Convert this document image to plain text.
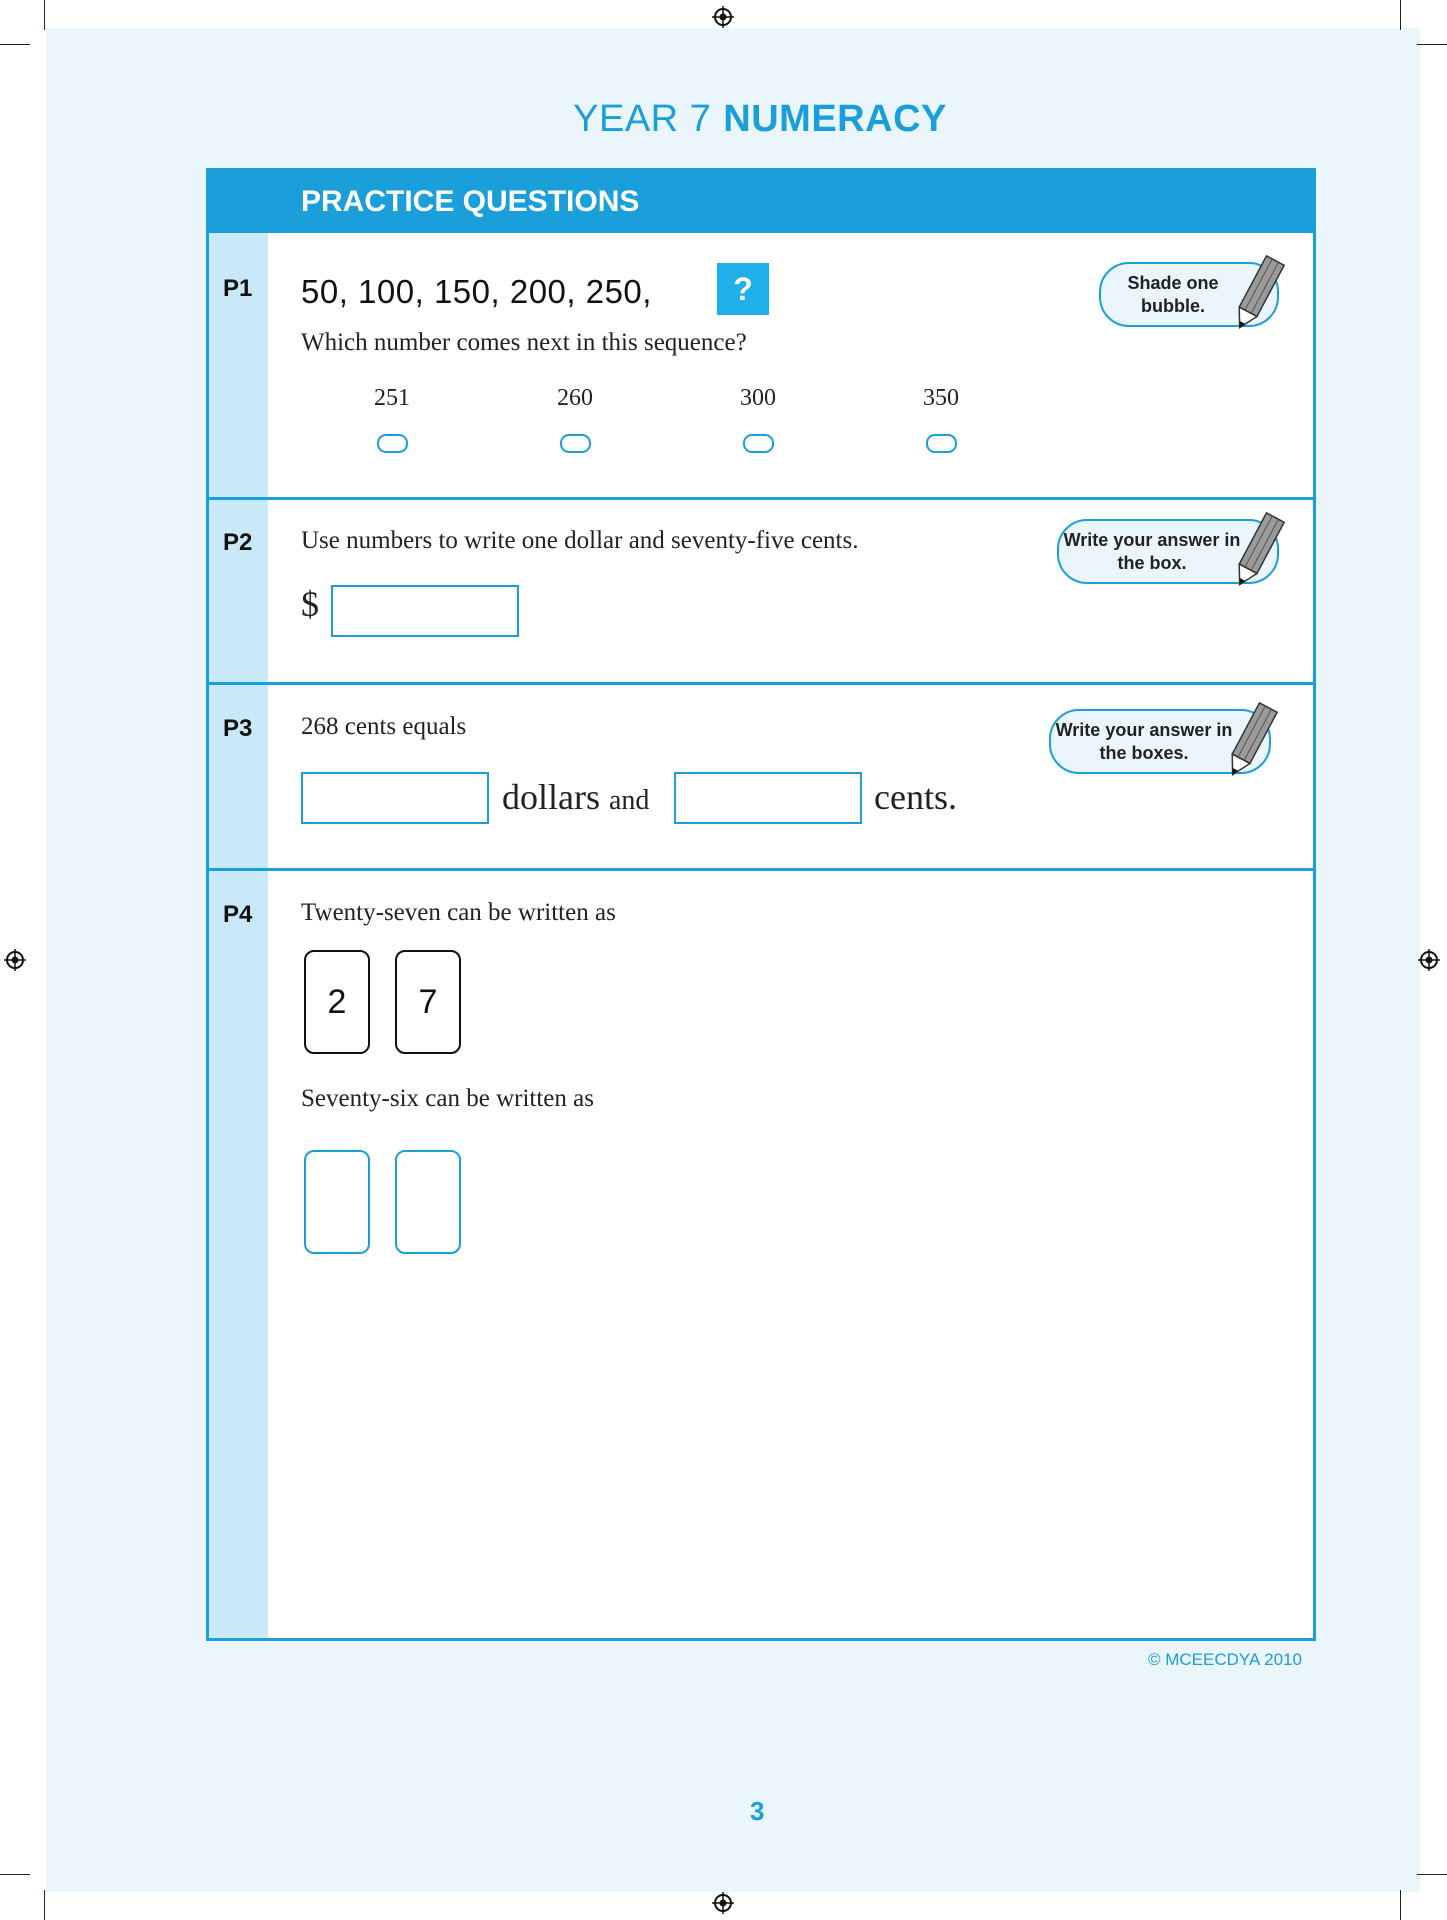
YEAR 7 NUMERACY
PRACTICE QUESTIONS
P1 50, 100, 150, 200, 250,	?
Which number comes next in this sequence?
251	260	300	350
Shade one bubble.
P2 Use numbers to write one dollar and seventy-five cents.
$
Write your answer in the box.
P3 268 cents equals
dollars and	cents.
Write your answer in the boxes.
P4 Twenty-seven can be written as
2	7
Seventy-six can be written as
© MCEECDYA 2010
3
